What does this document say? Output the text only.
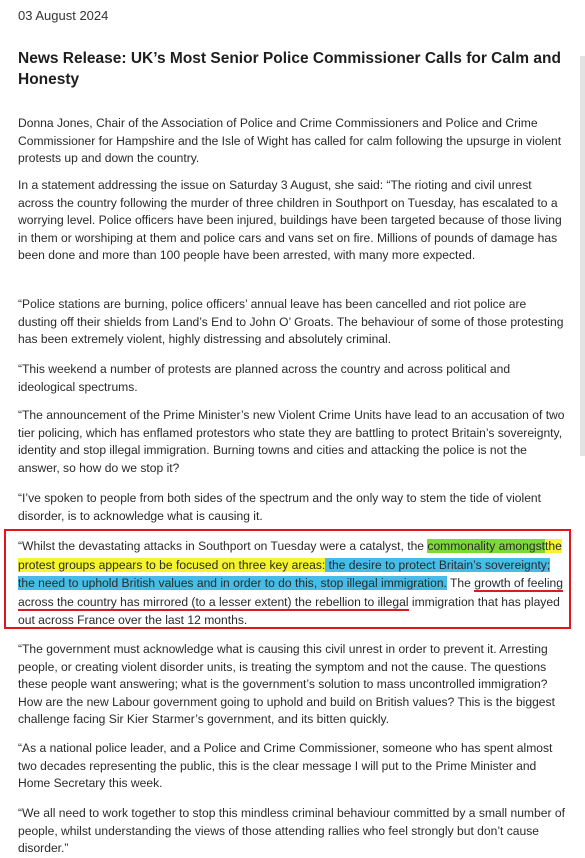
03 August 2024
News Release: UK’s Most Senior Police Commissioner Calls for Calm and Honesty

Donna Jones, Chair of the Association of Police and Crime Commissioners and Police and Crime Commissioner for Hampshire and the Isle of Wight has called for calm following the upsurge in violent protests up and down the country.

In a statement addressing the issue on Saturday 3 August, she said: “The rioting and civil unrest across the country following the murder of three children in Southport on Tuesday, has escalated to a worrying level. Police officers have been injured, buildings have been targeted because of those living in them or worshiping at them and police cars and vans set on fire. Millions of pounds of damage has been done and more than 100 people have been arrested, with many more expected.

“Police stations are burning, police officers’ annual leave has been cancelled and riot police are dusting off their shields from Land’s End to John O’ Groats. The behaviour of some of those protesting has been extremely violent, highly distressing and absolutely criminal.

“This weekend a number of protests are planned across the country and across political and ideological spectrums.

“The announcement of the Prime Minister’s new Violent Crime Units have lead to an accusation of two tier policing, which has enflamed protestors who state they are battling to protect Britain’s sovereignty, identity and stop illegal immigration. Burning towns and cities and attacking the police is not the answer, so how do we stop it?

“I’ve spoken to people from both sides of the spectrum and the only way to stem the tide of violent disorder, is to acknowledge what is causing it.

“Whilst the devastating attacks in Southport on Tuesday were a catalyst, the commonality amongstthe protest groups appears to be focused on three key areas: the desire to protect Britain’s sovereignty; the need to uphold British values and in order to do this, stop illegal immigration. The growth of feeling across the country has mirrored (to a lesser extent) the rebellion to illegal immigration that has played out across France over the last 12 months.

“The government must acknowledge what is causing this civil unrest in order to prevent it. Arresting people, or creating violent disorder units, is treating the symptom and not the cause. The questions these people want answering; what is the government’s solution to mass uncontrolled immigration? How are the new Labour government going to uphold and build on British values? This is the biggest challenge facing Sir Kier Starmer’s government, and its bitten quickly.

“As a national police leader, and a Police and Crime Commissioner, someone who has spent almost two decades representing the public, this is the clear message I will put to the Prime Minister and Home Secretary this week.

“We all need to work together to stop this mindless criminal behaviour committed by a small number of people, whilst understanding the views of those attending rallies who feel strongly but don’t cause disorder.”
